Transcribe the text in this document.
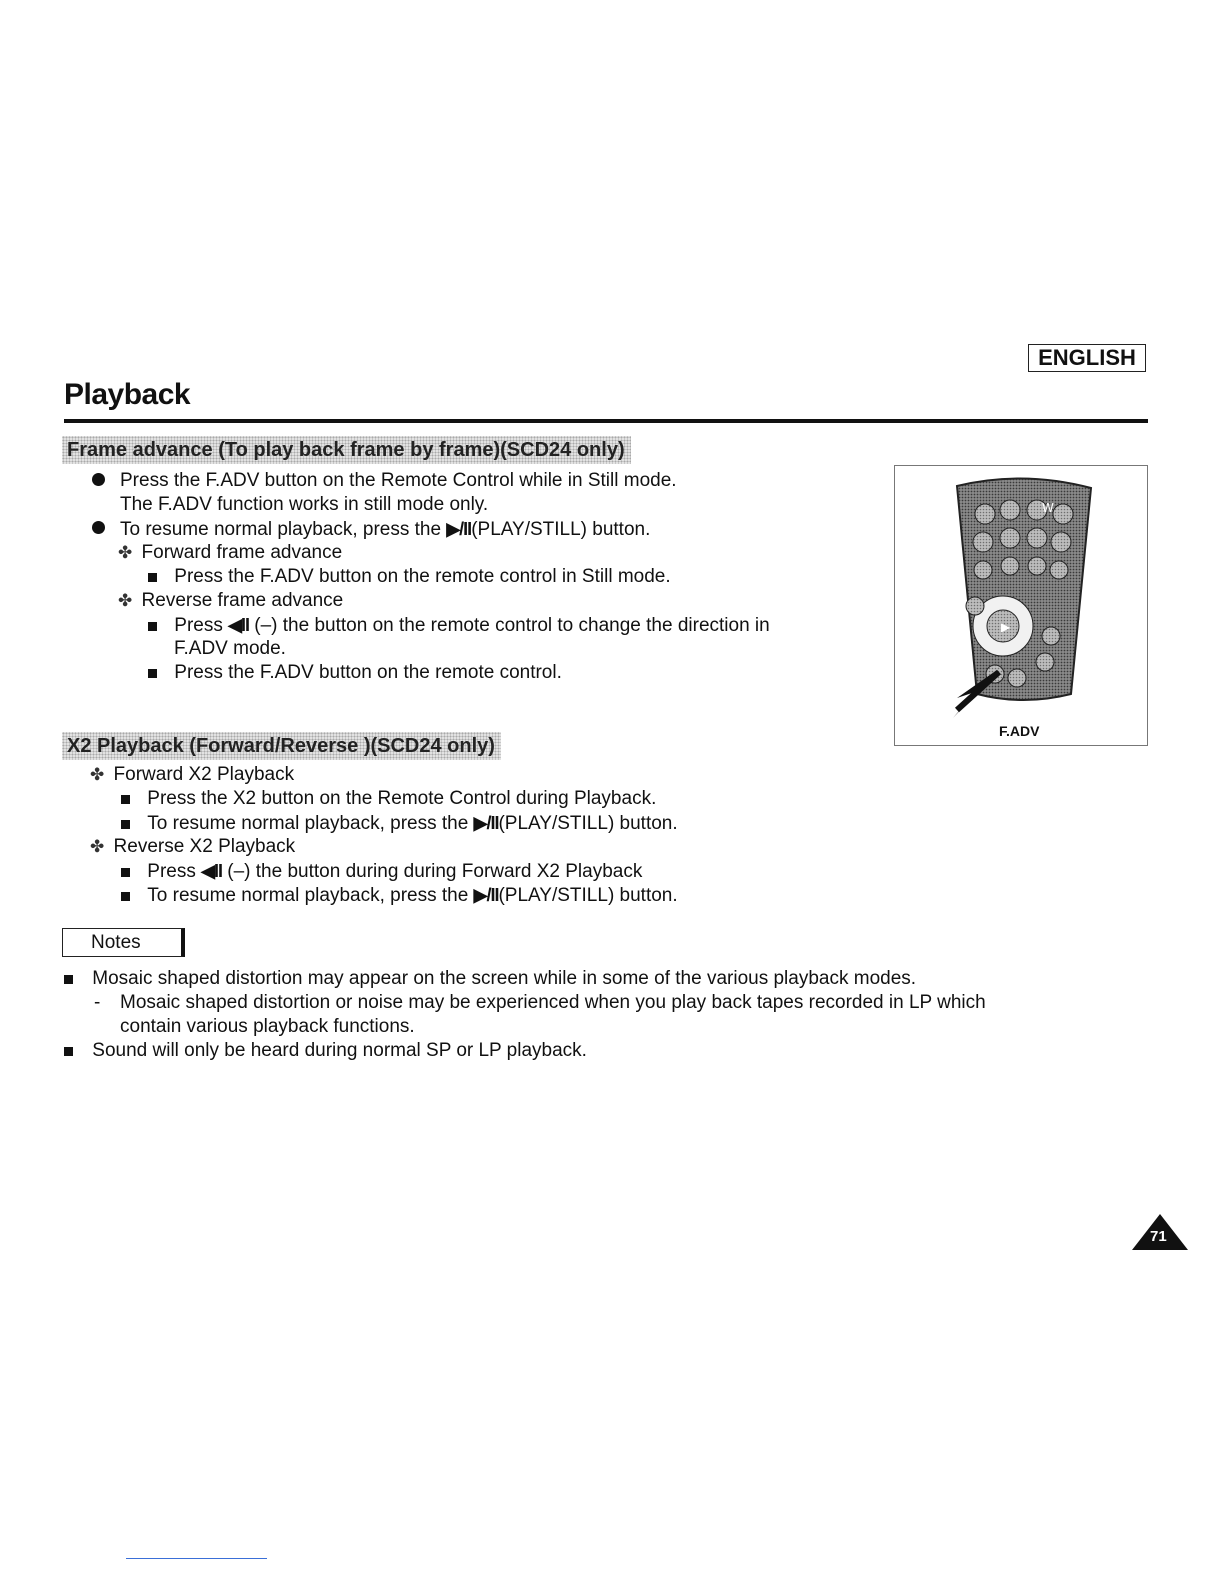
ENGLISH
Playback
Frame advance (To play back frame by frame)(SCD24 only)
Press the F.ADV button on the Remote Control while in Still mode.
The F.ADV function works in still mode only.
To resume normal playback, press the ▶/II(PLAY/STILL) button.
✤ Forward frame advance
Press the F.ADV button on the remote control in Still mode.
✤ Reverse frame advance
Press ◀II (–) the button on the remote control to change the direction in
F.ADV mode.
Press the F.ADV button on the remote control.
W
▶
F.ADV
X2 Playback (Forward/Reverse )(SCD24 only)
✤ Forward X2 Playback
Press the X2 button on the Remote Control during Playback.
To resume normal playback, press the ▶/II(PLAY/STILL) button.
✤ Reverse X2 Playback
Press ◀II (–) the button during during Forward X2 Playback
To resume normal playback, press the ▶/II(PLAY/STILL) button.
Notes
Mosaic shaped distortion may appear on the screen while in some of the various playback modes.
- Mosaic shaped distortion or noise may be experienced when you play back tapes recorded in LP which
contain various playback functions.
Sound will only be heard during normal SP or LP playback.
71
